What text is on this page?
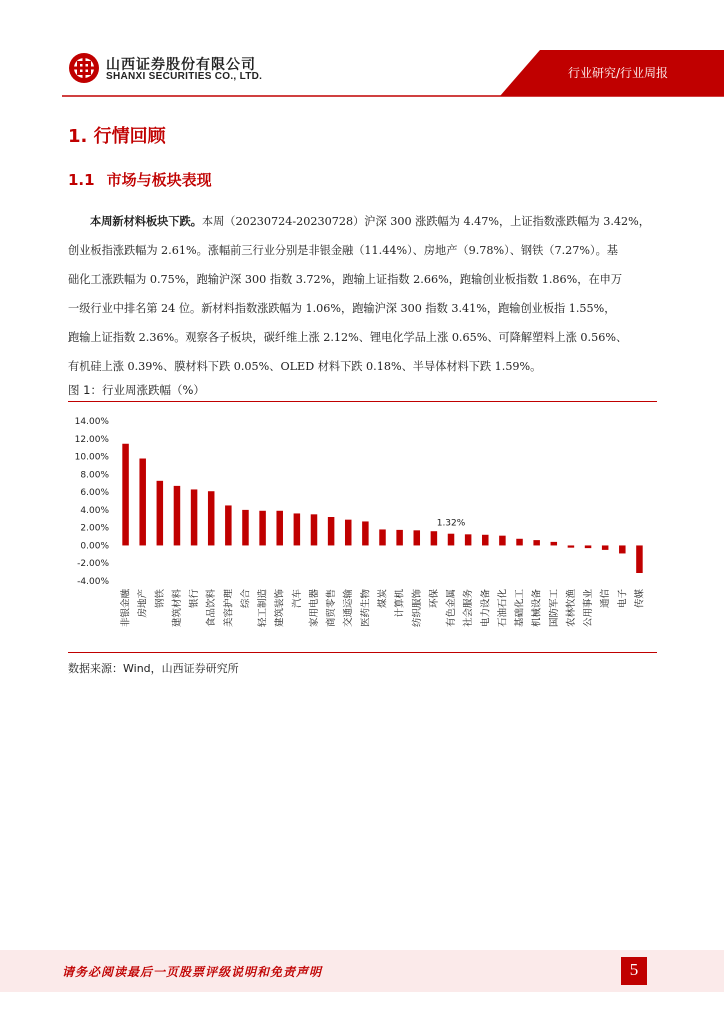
山西证券股份有限公司
SHANXI SECURITIES CO., LTD.	行业研究/行业周报
1. 行情回顾
1.1 市场与板块表现
本周新材料板块下跌。本周（20230724-20230728）沪深 300 涨跌幅为 4.47%，上证指数涨跌幅为 3.42%，
创业板指涨跌幅为 2.61%。涨幅前三行业分别是非银金融（11.44%）、房地产（9.78%）、钢铁（7.27%）。基
础化工涨跌幅为 0.75%，跑输沪深 300 指数 3.72%，跑输上证指数 2.66%，跑输创业板指数 1.86%，在申万
一级行业中排名第 24 位。新材料指数涨跌幅为 1.06%，跑输沪深 300 指数 3.41%，跑输创业板指 1.55%，
跑输上证指数 2.36%。观察各子板块，碳纤维上涨 2.12%、锂电化学品上涨 0.65%、可降解塑料上涨 0.56%、
有机硅上涨 0.39%、膜材料下跌 0.05%、OLED 材料下跌 0.18%、半导体材料下跌 1.59%。
图 1：行业周涨跌幅（%）
14.00%
12.00%
10.00%
8.00%
6.00%
4.00%
2.00%
0.00%
-2.00%
-4.00%
非银金融 房地产 钢铁 建筑材料 银行 食品饮料 美容护理 综合 轻工制造 建筑装饰 汽车 家用电器 商贸零售 交通运输 医药生物 煤炭 计算机 纺织服饰 环保 有色金属
1.32%
社会服务 电力设备 石油石化 基础化工 机械设备 国防军工 农林牧渔 公用事业 通信 电子 传媒
数据来源：Wind，山西证券研究所
请务必阅读最后一页股票评级说明和免责声明	5
